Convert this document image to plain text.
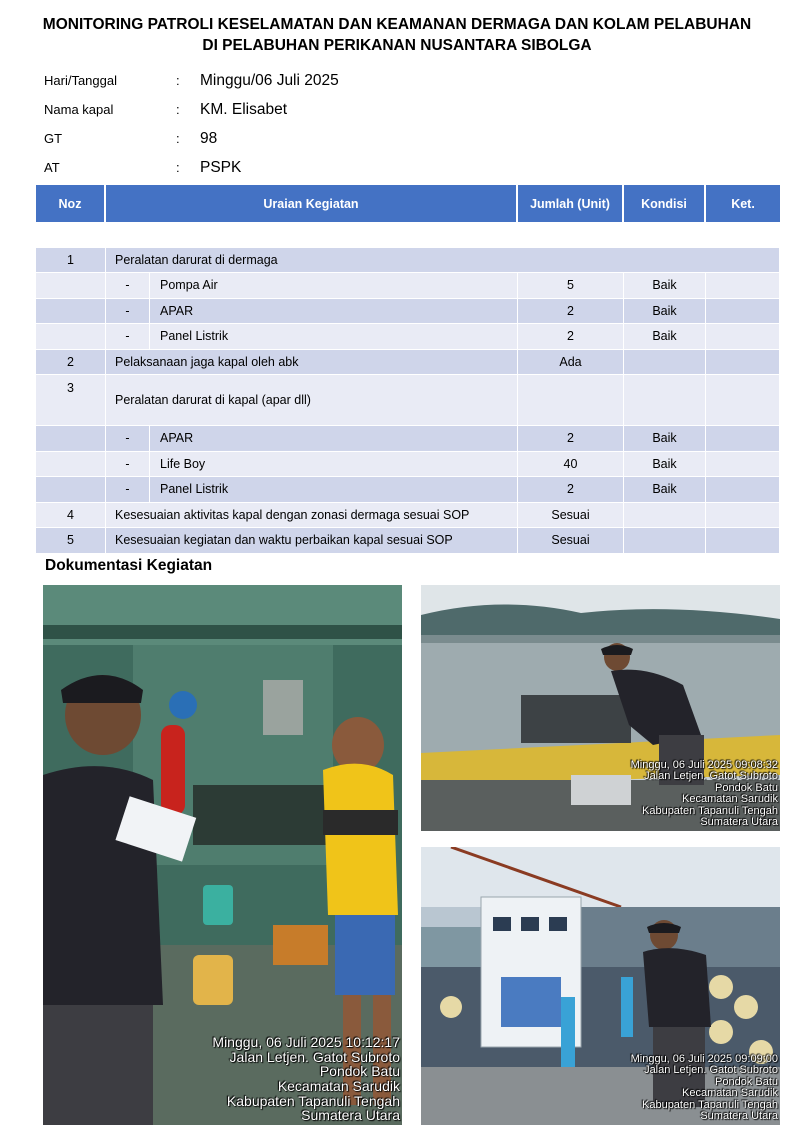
MONITORING PATROLI KESELAMATAN DAN KEAMANAN DERMAGA DAN KOLAM PELABUHAN
DI PELABUHAN PERIKANAN NUSANTARA SIBOLGA
Hari/Tanggal	:	Minggu/06 Juli 2025
Nama kapal	:	KM. Elisabet
GT	:	98
AT	:	PSPK
Noz	Uraian Kegiatan	Jumlah (Unit)	Kondisi	Ket.

1	Peralatan darurat di dermaga			

- Pompa Air	5	Baik	

- APAR	2	Baik	

- Panel Listrik	2	Baik	
2	Pelaksanaan jaga kapal oleh abk	Ada		
3	Peralatan darurat di kapal (apar dll)			

- APAR	2	Baik	

- Life Boy	40	Baik	

- Panel Listrik	2	Baik	
4	Kesesuaian aktivitas kapal dengan zonasi dermaga sesuai SOP	Sesuai		
5	Kesesuaian kegiatan dan waktu perbaikan kapal sesuai SOP	Sesuai		
Dokumentasi Kegiatan
Minggu, 06 Juli 2025 10:12:17
Jalan Letjen. Gatot Subroto
Pondok Batu
Kecamatan Sarudik
Kabupaten Tapanuli Tengah
Sumatera Utara
Minggu, 06 Juli 2025 09:08:32
Jalan Letjen. Gatot Subroto
Pondok Batu
Kecamatan Sarudik
Kabupaten Tapanuli Tengah
Sumatera Utara
Minggu, 06 Juli 2025 09:09:00
Jalan Letjen. Gatot Subroto
Pondok Batu
Kecamatan Sarudik
Kabupaten Tapanuli Tengah
Sumatera Utara
